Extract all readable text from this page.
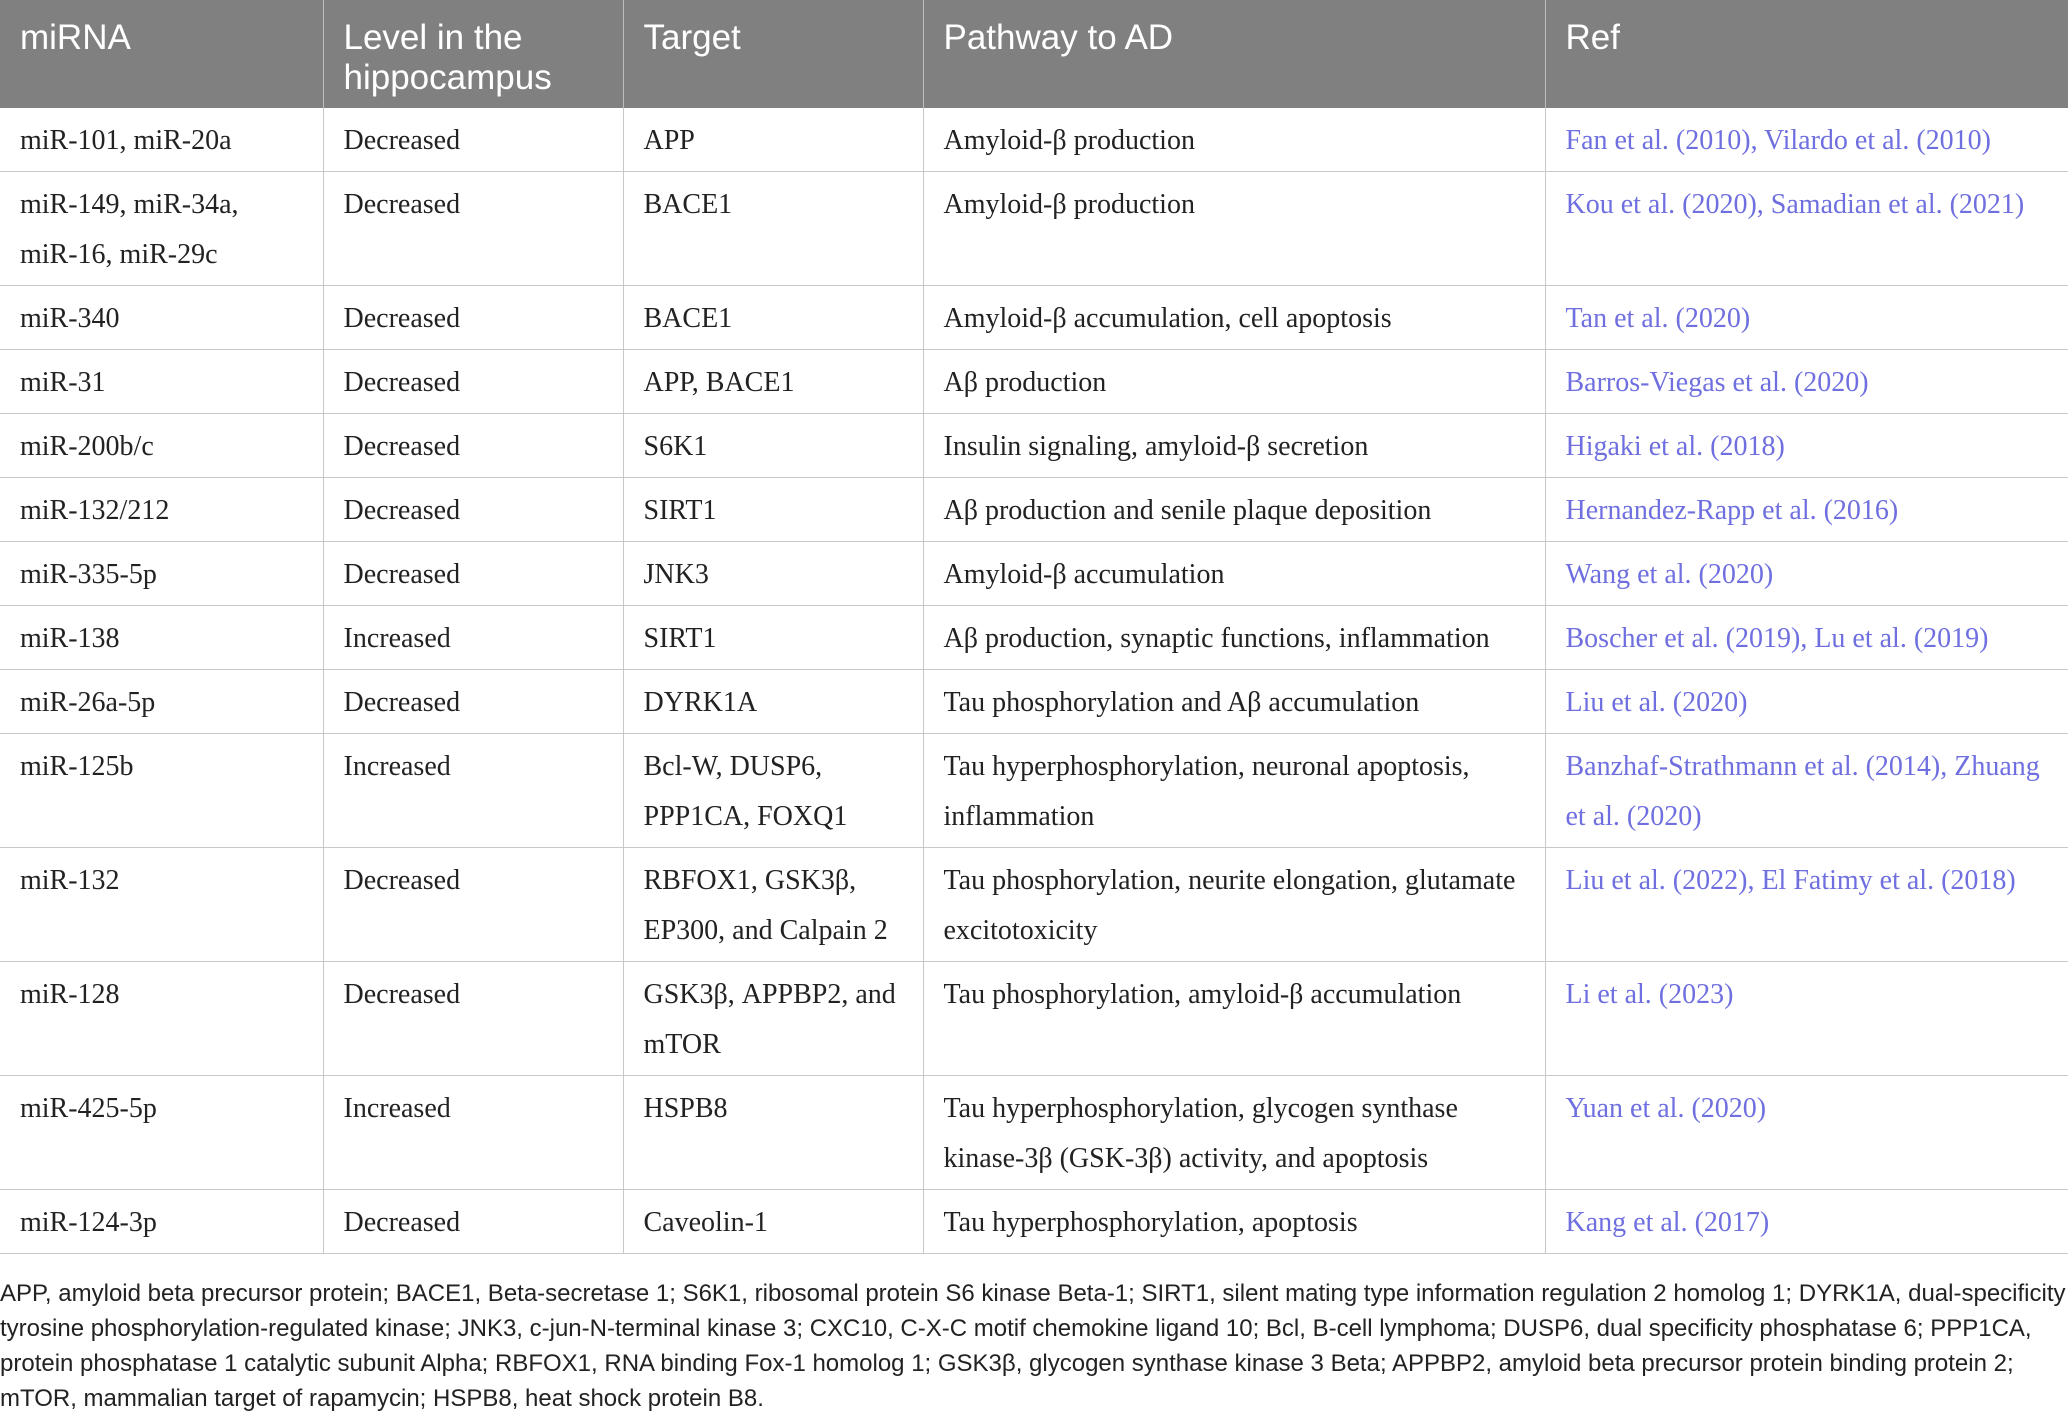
miRNA	Level in the hippocampus	Target	Pathway to AD	Ref
miR-101, miR-20a	Decreased	APP	Amyloid-β production	Fan et al. (2010), Vilardo et al. (2010)
miR-149, miR-34a, miR-16, miR-29c	Decreased	BACE1	Amyloid-β production	Kou et al. (2020), Samadian et al. (2021)
miR-340	Decreased	BACE1	Amyloid-β accumulation, cell apoptosis	Tan et al. (2020)
miR-31	Decreased	APP, BACE1	Aβ production	Barros-Viegas et al. (2020)
miR-200b/c	Decreased	S6K1	Insulin signaling, amyloid-β secretion	Higaki et al. (2018)
miR-132/212	Decreased	SIRT1	Aβ production and senile plaque deposition	Hernandez-Rapp et al. (2016)
miR-335-5p	Decreased	JNK3	Amyloid-β accumulation	Wang et al. (2020)
miR-138	Increased	SIRT1	Aβ production, synaptic functions, inflammation	Boscher et al. (2019), Lu et al. (2019)
miR-26a-5p	Decreased	DYRK1A	Tau phosphorylation and Aβ accumulation	Liu et al. (2020)
miR-125b	Increased	Bcl-W, DUSP6, PPP1CA, FOXQ1	Tau hyperphosphorylation, neuronal apoptosis, inflammation	Banzhaf-Strathmann et al. (2014), Zhuang et al. (2020)
miR-132	Decreased	RBFOX1, GSK3β, EP300, and Calpain 2	Tau phosphorylation, neurite elongation, glutamate excitotoxicity	Liu et al. (2022), El Fatimy et al. (2018)
miR-128	Decreased	GSK3β, APPBP2, and mTOR	Tau phosphorylation, amyloid-β accumulation	Li et al. (2023)
miR-425-5p	Increased	HSPB8	Tau hyperphosphorylation, glycogen synthase kinase-3β (GSK-3β) activity, and apoptosis	Yuan et al. (2020)
miR-124-3p	Decreased	Caveolin-1	Tau hyperphosphorylation, apoptosis	Kang et al. (2017)
APP, amyloid beta precursor protein; BACE1, Beta-secretase 1; S6K1, ribosomal protein S6 kinase Beta-1; SIRT1, silent mating type information regulation 2 homolog 1; DYRK1A, dual-specificity tyrosine phosphorylation-regulated kinase; JNK3, c-jun-N-terminal kinase 3; CXC10, C-X-C motif chemokine ligand 10; Bcl, B-cell lymphoma; DUSP6, dual specificity phosphatase 6; PPP1CA, protein phosphatase 1 catalytic subunit Alpha; RBFOX1, RNA binding Fox-1 homolog 1; GSK3β, glycogen synthase kinase 3 Beta; APPBP2, amyloid beta precursor protein binding protein 2; mTOR, mammalian target of rapamycin; HSPB8, heat shock protein B8.
